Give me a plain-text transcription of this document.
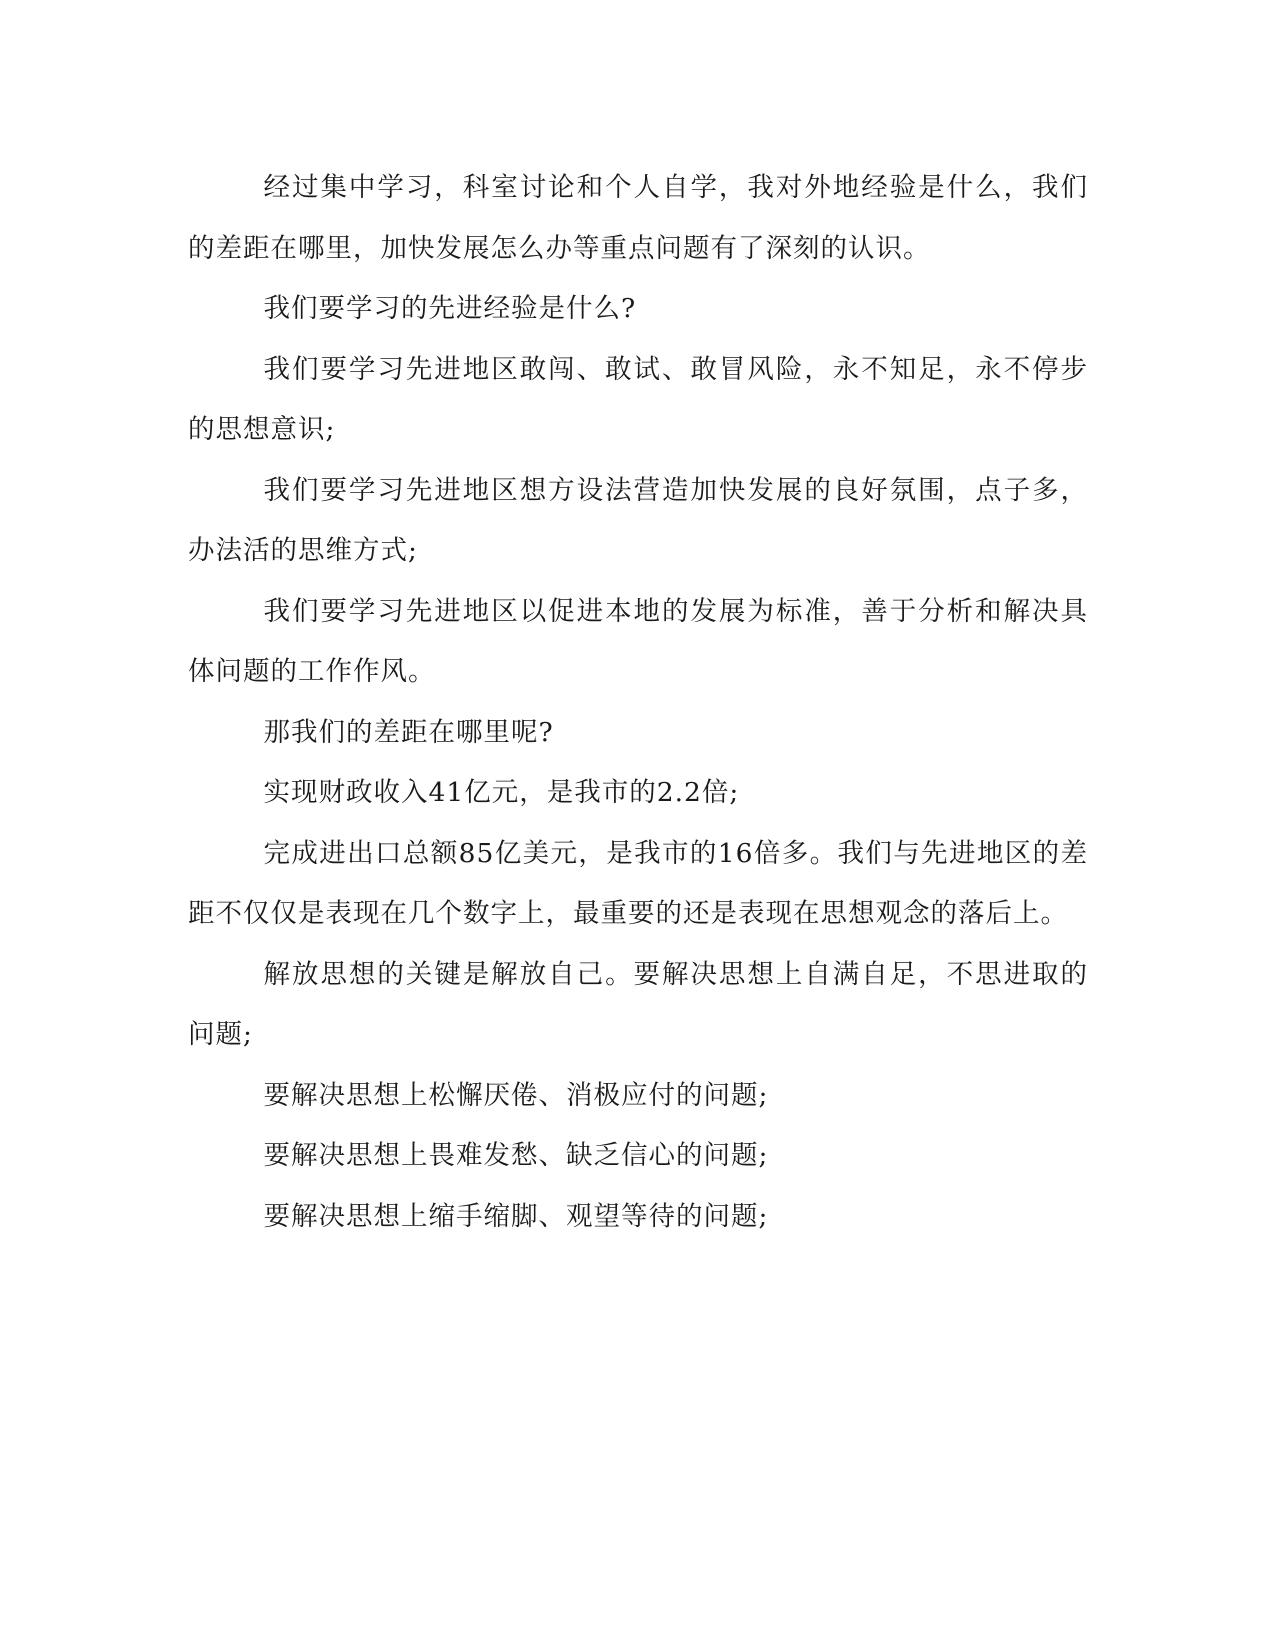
经过集中学习，科室讨论和个人自学，我对外地经验是什么，我们的差距在哪里，加快发展怎么办等重点问题有了深刻的认识。

我们要学习的先进经验是什么?

我们要学习先进地区敢闯、敢试、敢冒风险，永不知足，永不停步的思想意识;

我们要学习先进地区想方设法营造加快发展的良好氛围，点子多，办法活的思维方式;

我们要学习先进地区以促进本地的发展为标准，善于分析和解决具体问题的工作作风。

那我们的差距在哪里呢?

实现财政收入41亿元，是我市的2.2倍;

完成进出口总额85亿美元，是我市的16倍多。我们与先进地区的差距不仅仅是表现在几个数字上，最重要的还是表现在思想观念的落后上。

解放思想的关键是解放自己。要解决思想上自满自足，不思进取的问题;

要解决思想上松懈厌倦、消极应付的问题;

要解决思想上畏难发愁、缺乏信心的问题;

要解决思想上缩手缩脚、观望等待的问题;
